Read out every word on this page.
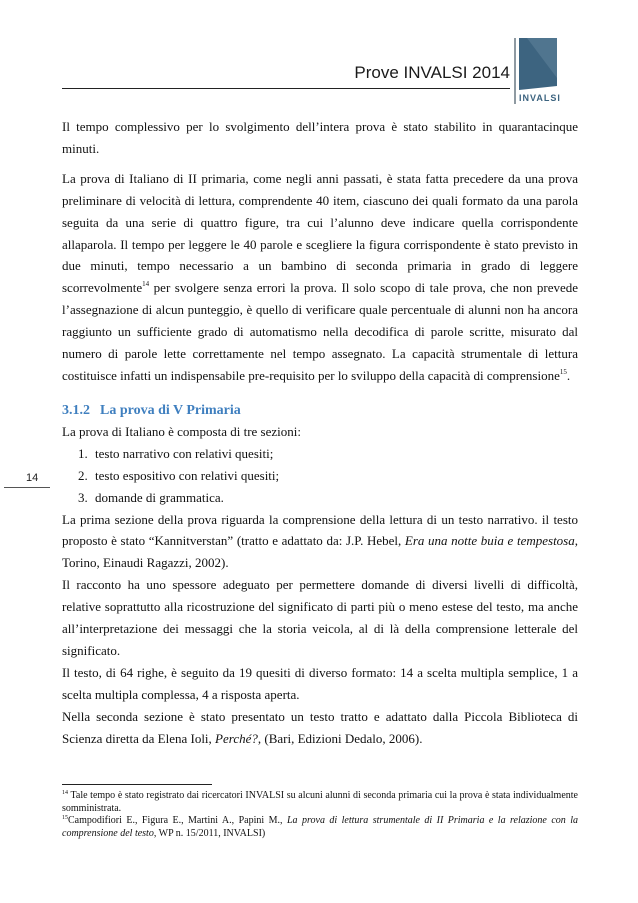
Prove INVALSI 2014
INVALSI
14

Il tempo complessivo per lo svolgimento dell’intera prova è stato stabilito in quarantacinque minuti.

La prova di Italiano di II primaria, come negli anni passati, è stata fatta precedere da una prova preliminare di velocità di lettura, comprendente 40 item, ciascuno dei quali formato da una parola seguita da una serie di quattro figure, tra cui l’alunno deve indicare quella corrispondente allaparola. Il tempo per leggere le 40 parole e scegliere la figura corrispondente è stato previsto in due minuti, tempo necessario a un bambino di seconda primaria in grado di leggere scorrevolmente$^{14}$ per svolgere senza errori la prova. Il solo scopo di tale prova, che non prevede l’assegnazione di alcun punteggio, è quello di verificare quale percentuale di alunni non ha ancora raggiunto un sufficiente grado di automatismo nella decodifica di parole scritte, misurato dal numero di parole lette correttamente nel tempo assegnato. La capacità strumentale di lettura costituisce infatti un indispensabile pre-requisito per lo sviluppo della capacità di comprensione$^{15}$.

3.1.2 La prova di V Primaria

La prova di Italiano è composta di tre sezioni:

1. testo narrativo con relativi quesiti;
2. testo espositivo con relativi quesiti;
3. domande di grammatica.

La prima sezione della prova riguarda la comprensione della lettura di un testo narrativo. il testo proposto è stato “Kannitverstan” (tratto e adattato da: J.P. Hebel, Era una notte buia e tempestosa, Torino, Einaudi Ragazzi, 2002).

Il racconto ha uno spessore adeguato per permettere domande di diversi livelli di difficoltà, relative soprattutto alla ricostruzione del significato di parti più o meno estese del testo, ma anche all’interpretazione dei messaggi che la storia veicola, al di là della comprensione letterale del significato.

Il testo, di 64 righe, è seguito da 19 quesiti di diverso formato: 14 a scelta multipla semplice, 1 a scelta multipla complessa, 4 a risposta aperta.

Nella seconda sezione è stato presentato un testo tratto e adattato dalla Piccola Biblioteca di Scienza diretta da Elena Ioli, Perché?, (Bari, Edizioni Dedalo, 2006).

$^{14}$ Tale tempo è stato registrato dai ricercatori INVALSI su alcuni alunni di seconda primaria cui la prova è stata individualmente somministrata.

$^{15}$Campodifiori E., Figura E., Martini A., Papini M., La prova di lettura strumentale di II Primaria e la relazione con la comprensione del testo, WP n. 15/2011, INVALSI)
